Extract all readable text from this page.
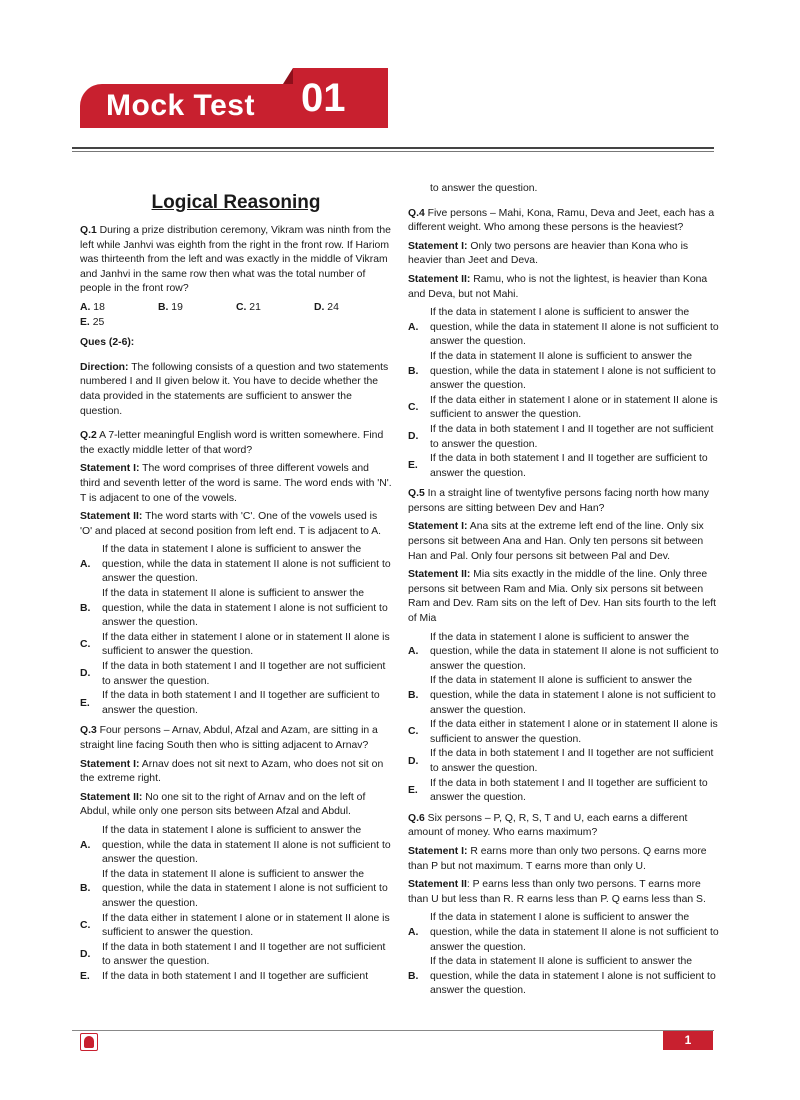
Mock Test 01
Logical Reasoning

Q.1 During a prize distribution ceremony, Vikram was ninth from the left while Janhvi was eighth from the right in the front row. If Hariom was thirteenth from the left and was exactly in the middle of Vikram and Janhvi in the same row then what was the total number of people in the front row?

A. 18	B. 19	C. 21	D. 24
E. 25

Ques (2-6):

Direction: The following consists of a question and two statements numbered I and II given below it. You have to decide whether the data provided in the statements are sufficient to answer the question.

Q.2 A 7-letter meaningful English word is written somewhere. Find the exactly middle letter of that word?

Statement I: The word comprises of three different vowels and third and seventh letter of the word is same. The word ends with 'N'. T is adjacent to one of the vowels.

Statement II: The word starts with 'C'. One of the vowels used is 'O' and placed at second position from left end. T is adjacent to A.

A.
If the data in statement I alone is sufficient to answer the question, while the data in statement II alone is not sufficient to answer the question.
B.
If the data in statement II alone is sufficient to answer the question, while the data in statement I alone is not sufficient to answer the question.
C.
If the data either in statement I alone or in statement II alone is sufficient to answer the question.
D.
If the data in both statement I and II together are not sufficient to answer the question.
E.
If the data in both statement I and II together are sufficient to answer the question.

Q.3 Four persons – Arnav, Abdul, Afzal and Azam, are sitting in a straight line facing South then who is sitting adjacent to Arnav?

Statement I: Arnav does not sit next to Azam, who does not sit on the extreme right.

Statement II: No one sit to the right of Arnav and on the left of Abdul, while only one person sits between Afzal and Abdul.

A.
If the data in statement I alone is sufficient to answer the question, while the data in statement II alone is not sufficient to answer the question.
B.
If the data in statement II alone is sufficient to answer the question, while the data in statement I alone is not sufficient to answer the question.
C.
If the data either in statement I alone or in statement II alone is sufficient to answer the question.
D.
If the data in both statement I and II together are not sufficient to answer the question.
E.	If the data in both statement I and II together are sufficient

to answer the question.

Q.4 Five persons – Mahi, Kona, Ramu, Deva and Jeet, each has a different weight. Who among these persons is the heaviest?

Statement I: Only two persons are heavier than Kona who is heavier than Jeet and Deva.

Statement II: Ramu, who is not the lightest, is heavier than Kona and Deva, but not Mahi.

A.
If the data in statement I alone is sufficient to answer the question, while the data in statement II alone is not sufficient to answer the question.
B.
If the data in statement II alone is sufficient to answer the question, while the data in statement I alone is not sufficient to answer the question.
C.
If the data either in statement I alone or in statement II alone is sufficient to answer the question.
D.
If the data in both statement I and II together are not sufficient to answer the question.
E.
If the data in both statement I and II together are sufficient to answer the question.

Q.5 In a straight line of twentyfive persons facing north how many persons are sitting between Dev and Han?

Statement I: Ana sits at the extreme left end of the line. Only six persons sit between Ana and Han. Only ten persons sit between Han and Pal. Only four persons sit between Pal and Dev.

Statement II: Mia sits exactly in the middle of the line. Only three persons sit between Ram and Mia. Only six persons sit between Ram and Dev. Ram sits on the left of Dev. Han sits fourth to the left of Mia

A.
If the data in statement I alone is sufficient to answer the question, while the data in statement II alone is not sufficient to answer the question.
B.
If the data in statement II alone is sufficient to answer the question, while the data in statement I alone is not sufficient to answer the question.
C.
If the data either in statement I alone or in statement II alone is sufficient to answer the question.
D.
If the data in both statement I and II together are not sufficient to answer the question.
E.
If the data in both statement I and II together are sufficient to answer the question.

Q.6 Six persons – P, Q, R, S, T and U, each earns a different amount of money. Who earns maximum?

Statement I: R earns more than only two persons. Q earns more than P but not maximum. T earns more than only U.

Statement II: P earns less than only two persons. T earns more than U but less than R. R earns less than P. Q earns less than S.

A.
If the data in statement I alone is sufficient to answer the question, while the data in statement II alone is not sufficient to answer the question.
B.
If the data in statement II alone is sufficient to answer the question, while the data in statement I alone is not sufficient to answer the question.
1
